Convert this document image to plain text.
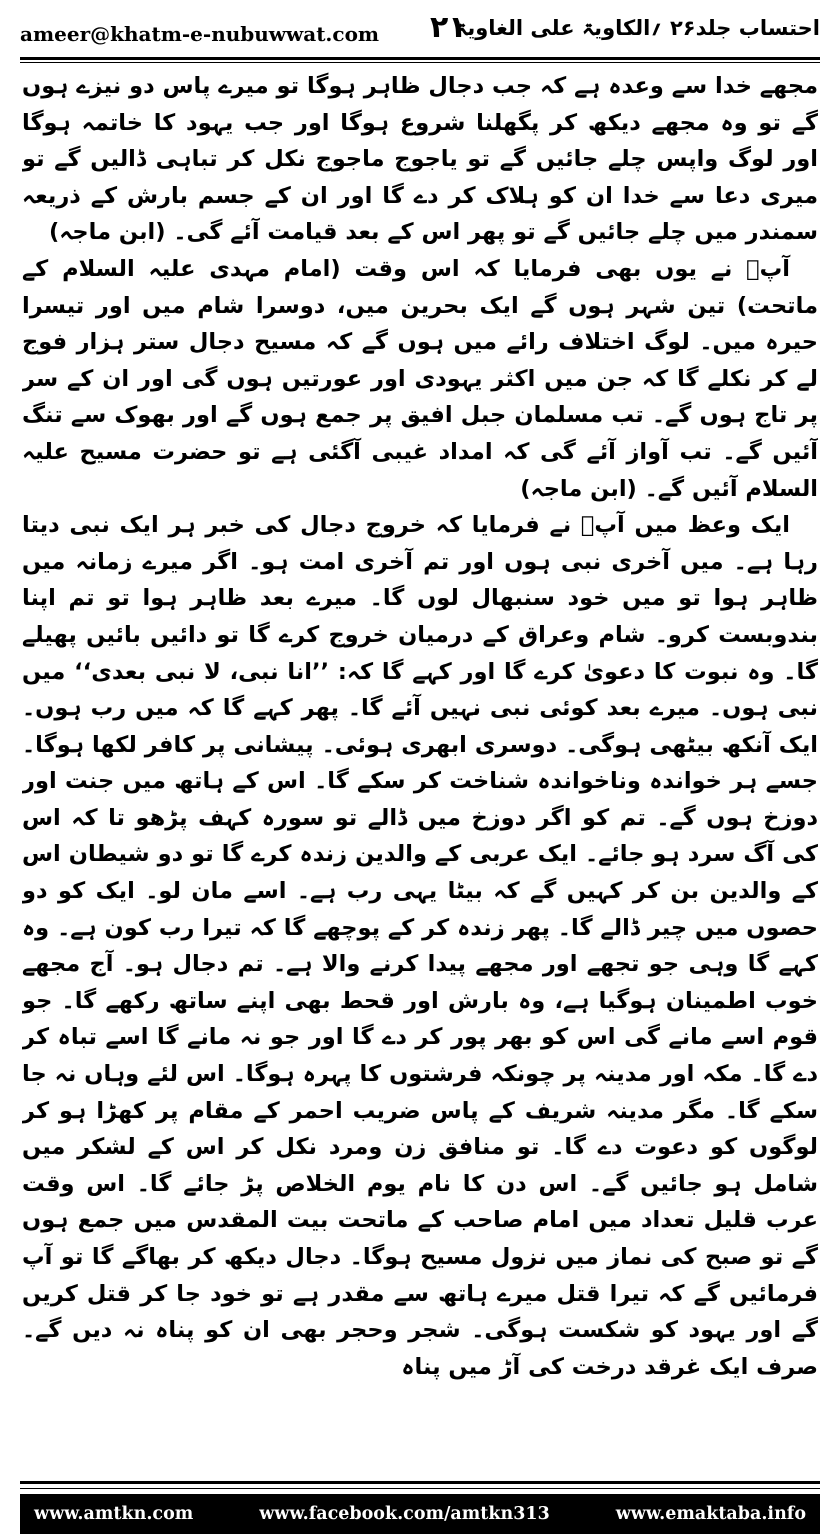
ameer@khatm-e-nubuwwat.com ۲۱
احتساب جلد۲۶ ؍الکاویۃ علی الغاویۃ

مجھے خدا سے وعدہ ہے کہ جب دجال ظاہر ہوگا تو میرے پاس دو نیزے ہوں گے تو وہ مجھے دیکھ کر پگھلنا شروع ہوگا اور جب یہود کا خاتمہ ہوگا اور لوگ واپس چلے جائیں گے تو یاجوج ماجوج نکل کر تباہی ڈالیں گے تو میری دعا سے خدا ان کو ہلاک کر دے گا اور ان کے جسم بارش کے ذریعہ سمندر میں چلے جائیں گے تو پھر اس کے بعد قیامت آئے گی۔ (ابن ماجہ)

آپؐ نے یوں بھی فرمایا کہ اس وقت (امام مہدی علیہ السلام کے ماتحت) تین شہر ہوں گے ایک بحرین میں، دوسرا شام میں اور تیسرا حیرہ میں۔ لوگ اختلاف رائے میں ہوں گے کہ مسیح دجال ستر ہزار فوج لے کر نکلے گا کہ جن میں اکثر یہودی اور عورتیں ہوں گی اور ان کے سر پر تاج ہوں گے۔ تب مسلمان جبل افیق پر جمع ہوں گے اور بھوک سے تنگ آئیں گے۔ تب آواز آئے گی کہ امداد غیبی آگئی ہے تو حضرت مسیح علیہ السلام آئیں گے۔ (ابن ماجہ)

ایک وعظ میں آپؐ نے فرمایا کہ خروج دجال کی خبر ہر ایک نبی دیتا رہا ہے۔ میں آخری نبی ہوں اور تم آخری امت ہو۔ اگر میرے زمانہ میں ظاہر ہوا تو میں خود سنبھال لوں گا۔ میرے بعد ظاہر ہوا تو تم اپنا بندوبست کرو۔ شام وعراق کے درمیان خروج کرے گا تو دائیں بائیں پھیلے گا۔ وہ نبوت کا دعویٰ کرے گا اور کہے گا کہ: ’’انا نبی، لا نبی بعدی‘‘ میں نبی ہوں۔ میرے بعد کوئی نبی نہیں آئے گا۔ پھر کہے گا کہ میں رب ہوں۔ ایک آنکھ بیٹھی ہوگی۔ دوسری ابھری ہوئی۔ پیشانی پر کافر لکھا ہوگا۔ جسے ہر خواندہ وناخواندہ شناخت کر سکے گا۔ اس کے ہاتھ میں جنت اور دوزخ ہوں گے۔ تم کو اگر دوزخ میں ڈالے تو سورہ کہف پڑھو تا کہ اس کی آگ سرد ہو جائے۔ ایک عربی کے والدین زندہ کرے گا تو دو شیطان اس کے والدین بن کر کہیں گے کہ بیٹا یہی رب ہے۔ اسے مان لو۔ ایک کو دو حصوں میں چیر ڈالے گا۔ پھر زندہ کر کے پوچھے گا کہ تیرا رب کون ہے۔ وہ کہے گا وہی جو تجھے اور مجھے پیدا کرنے والا ہے۔ تم دجال ہو۔ آج مجھے خوب اطمینان ہوگیا ہے، وہ بارش اور قحط بھی اپنے ساتھ رکھے گا۔ جو قوم اسے مانے گی اس کو بھر پور کر دے گا اور جو نہ مانے گا اسے تباہ کر دے گا۔ مکہ اور مدینہ پر چونکہ فرشتوں کا پہرہ ہوگا۔ اس لئے وہاں نہ جا سکے گا۔ مگر مدینہ شریف کے پاس ضریب احمر کے مقام پر کھڑا ہو کر لوگوں کو دعوت دے گا۔ تو منافق زن ومرد نکل کر اس کے لشکر میں شامل ہو جائیں گے۔ اس دن کا نام یوم الخلاص پڑ جائے گا۔ اس وقت عرب قلیل تعداد میں امام صاحب کے ماتحت بیت المقدس میں جمع ہوں گے تو صبح کی نماز میں نزول مسیح ہوگا۔ دجال دیکھ کر بھاگے گا تو آپ فرمائیں گے کہ تیرا قتل میرے ہاتھ سے مقدر ہے تو خود جا کر قتل کریں گے اور یہود کو شکست ہوگی۔ شجر وحجر بھی ان کو پناہ نہ دیں گے۔ صرف ایک غرقد درخت کی آڑ میں پناہ

www.amtkn.com	www.facebook.com/amtkn313	www.emaktaba.info
